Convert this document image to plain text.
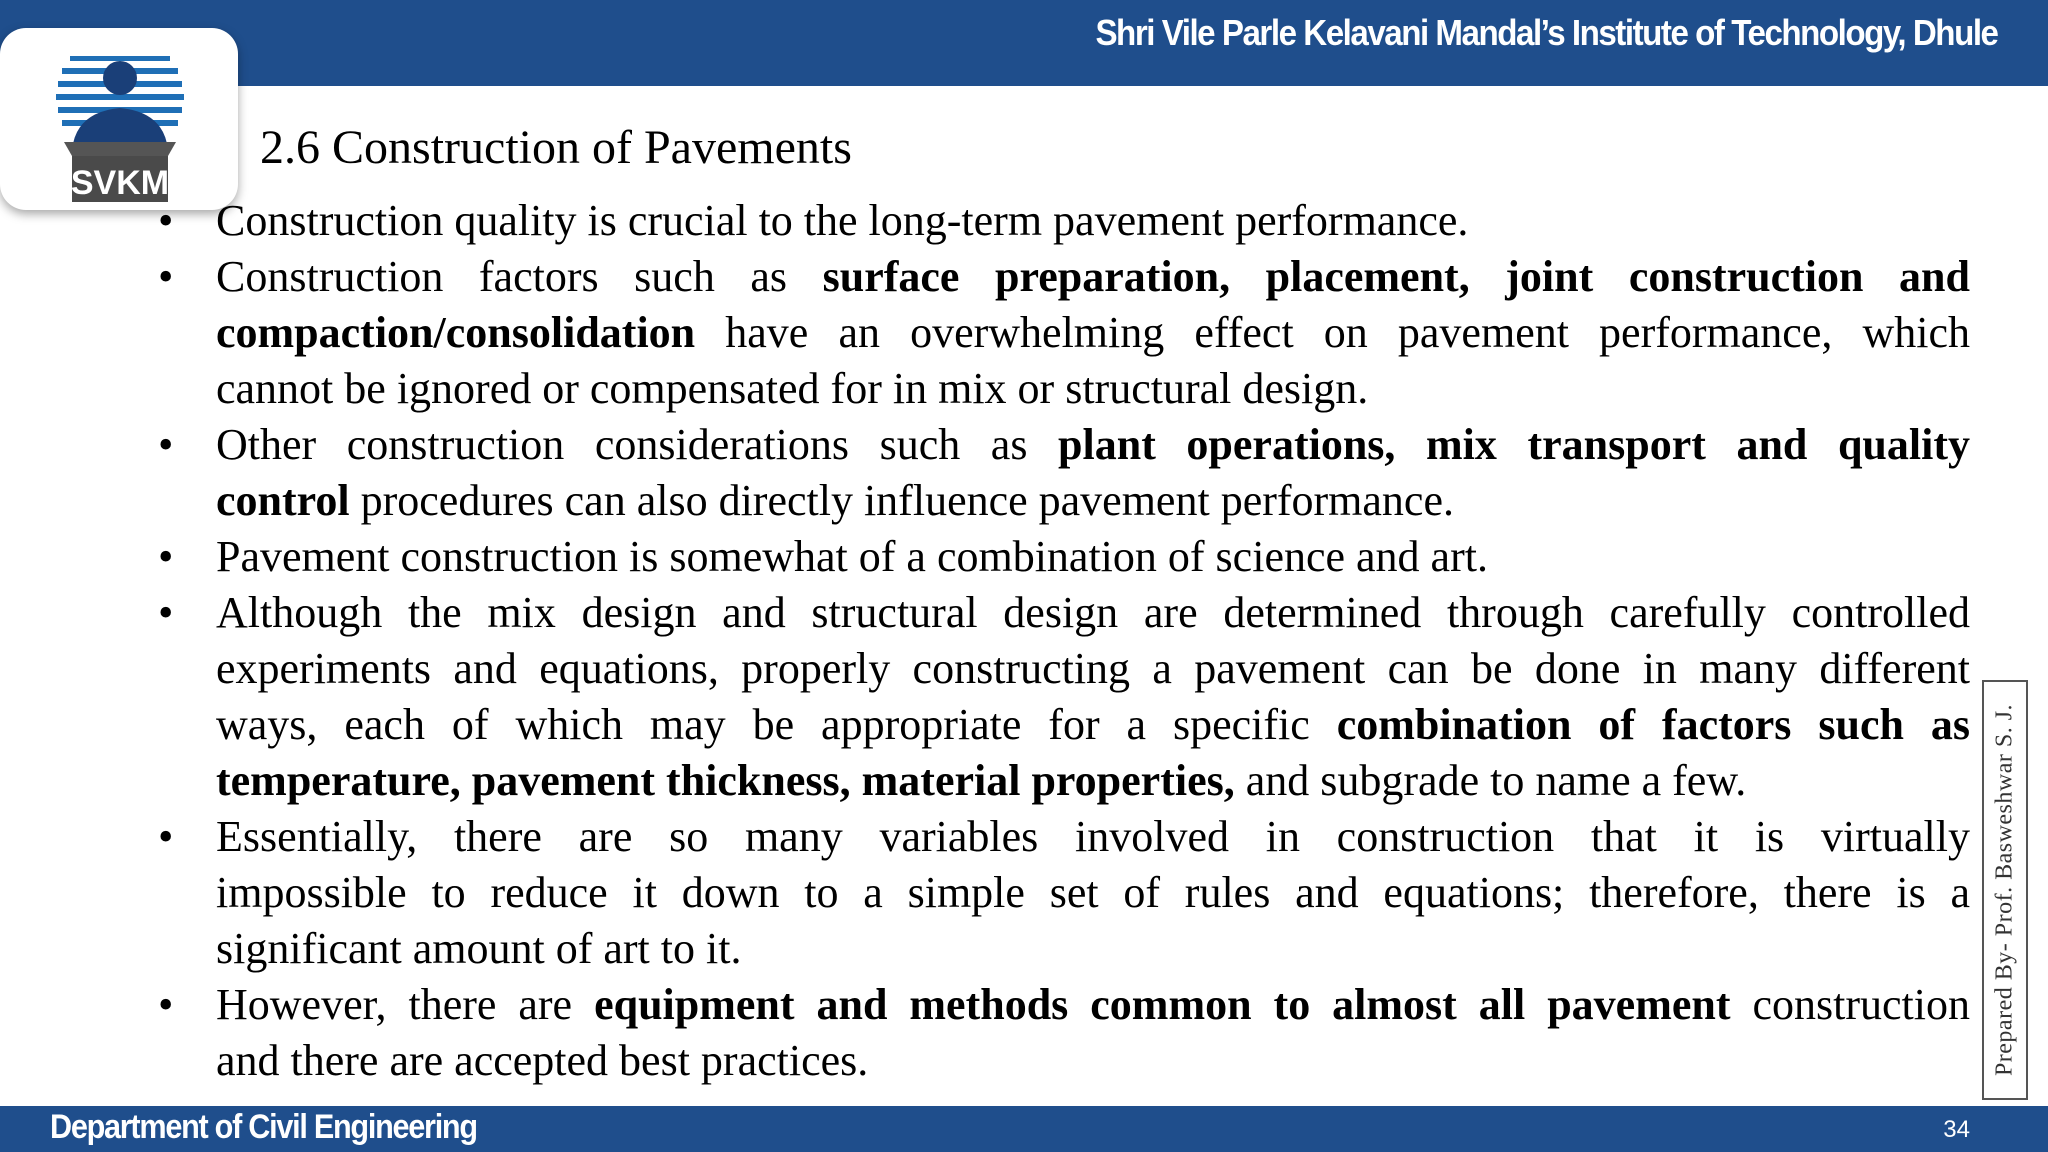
Shri Vile Parle Kelavani Mandal’s Institute of Technology, Dhule
SVKM
2.6 Construction of Pavements
• Construction quality is crucial to the long-term pavement performance.
• Construction factors such as surface preparation, placement, joint construction and
compaction/consolidation have an overwhelming effect on pavement performance, which
cannot be ignored or compensated for in mix or structural design.
• Other construction considerations such as plant operations, mix transport and quality
control procedures can also directly influence pavement performance.
• Pavement construction is somewhat of a combination of science and art.
• Although the mix design and structural design are determined through carefully controlled
experiments and equations, properly constructing a pavement can be done in many different
ways, each of which may be appropriate for a specific combination of factors such as
temperature, pavement thickness, material properties, and subgrade to name a few.
• Essentially, there are so many variables involved in construction that it is virtually
impossible to reduce it down to a simple set of rules and equations; therefore, there is a
significant amount of art to it.
• However, there are equipment and methods common to almost all pavement construction
and there are accepted best practices.	Prepared By- Prof. Basweshwar S. J.
Department of Civil Engineering	34
